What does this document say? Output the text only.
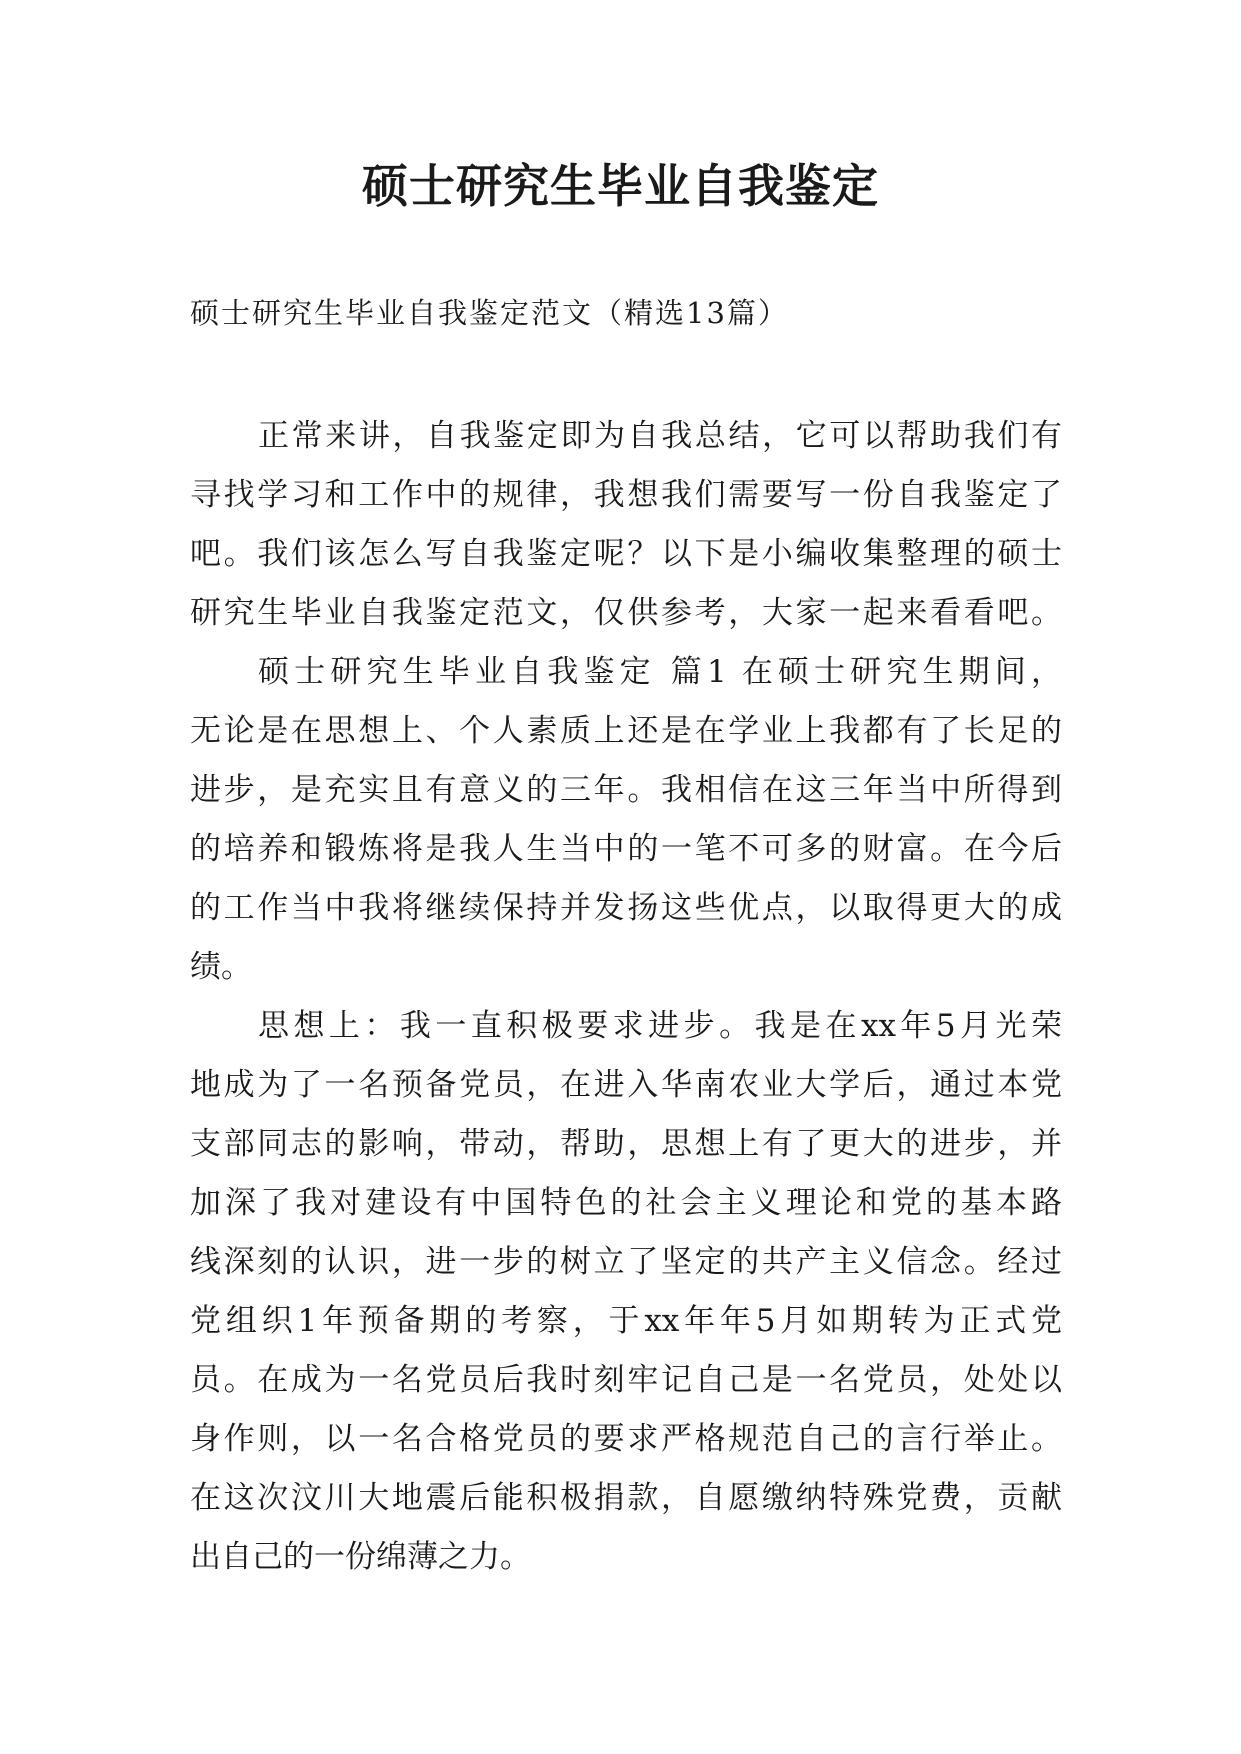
硕士研究生毕业自我鉴定

硕士研究生毕业自我鉴定范文（精选13篇）

正常来讲，自我鉴定即为自我总结，它可以帮助我们有
寻找学习和工作中的规律，我想我们需要写一份自我鉴定了
吧。我们该怎么写自我鉴定呢？以下是小编收集整理的硕士
研究生毕业自我鉴定范文，仅供参考，大家一起来看看吧。
硕士研究生毕业自我鉴定 篇1 在硕士研究生期间，
无论是在思想上、个人素质上还是在学业上我都有了长足的
进步，是充实且有意义的三年。我相信在这三年当中所得到
的培养和锻炼将是我人生当中的一笔不可多的财富。在今后
的工作当中我将继续保持并发扬这些优点，以取得更大的成
绩。
思想上：我一直积极要求进步。我是在xx年5月光荣
地成为了一名预备党员，在进入华南农业大学后，通过本党
支部同志的影响，带动，帮助，思想上有了更大的进步，并
加深了我对建设有中国特色的社会主义理论和党的基本路
线深刻的认识，进一步的树立了坚定的共产主义信念。经过
党组织1年预备期的考察，于xx年年5月如期转为正式党
员。在成为一名党员后我时刻牢记自己是一名党员，处处以
身作则，以一名合格党员的要求严格规范自己的言行举止。
在这次汶川大地震后能积极捐款，自愿缴纳特殊党费，贡献
出自己的一份绵薄之力。
